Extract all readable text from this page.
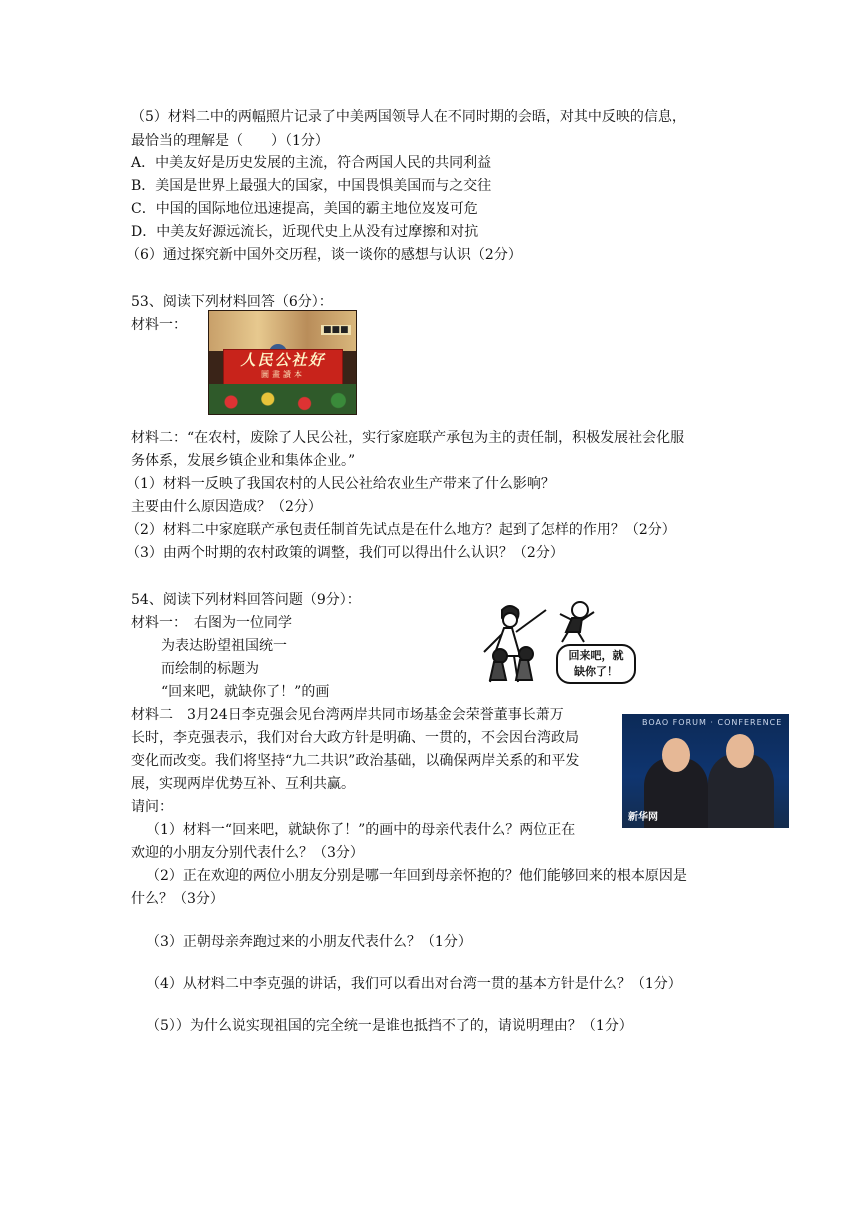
（5）材料二中的两幅照片记录了中美两国领导人在不同时期的会晤，对其中反映的信息，
最恰当的理解是（　　）（1分）
A．中美友好是历史发展的主流，符合两国人民的共同利益
B．美国是世界上最强大的国家，中国畏惧美国而与之交往
C．中国的国际地位迅速提高，美国的霸主地位岌岌可危
D．中美友好源远流长，近现代史上从没有过摩擦和对抗
（6）通过探究新中国外交历程，谈一谈你的感想与认识（2分）
53、阅读下列材料回答（6分）：
材料一：	■■■
人民公社好
圖畫讀本
材料二：“在农村，废除了人民公社，实行家庭联产承包为主的责任制，积极发展社会化服
务体系，发展乡镇企业和集体企业。”
（1）材料一反映了我国农村的人民公社给农业生产带来了什么影响？
主要由什么原因造成？（2分）
（2）材料二中家庭联产承包责任制首先试点是在什么地方？起到了怎样的作用？（2分）
（3）由两个时期的农村政策的调整，我们可以得出什么认识？（2分）
54、阅读下列材料回答问题（9分）：
材料一：　右图为一位同学
为表达盼望祖国统一
而绘制的标题为
“回来吧，就缺你了！”的画
回来吧，就
缺你了！
材料二　3月24日李克强会见台湾两岸共同市场基金会荣誉董事长萧万
长时，李克强表示，我们对台大政方针是明确、一贯的，不会因台湾政局
变化而改变。我们将坚持“九二共识”政治基础，以确保两岸关系的和平发
展，实现两岸优势互补、互利共赢。
BOAO FORUM · CONFERENCE
新华网
请问：
（1）材料一“回来吧，就缺你了！”的画中的母亲代表什么？两位正在
欢迎的小朋友分别代表什么？（3分）
（2）正在欢迎的两位小朋友分别是哪一年回到母亲怀抱的？他们能够回来的根本原因是
什么？（3分）
（3）正朝母亲奔跑过来的小朋友代表什么？（1分）
（4）从材料二中李克强的讲话，我们可以看出对台湾一贯的基本方针是什么？（1分）
（5））为什么说实现祖国的完全统一是谁也抵挡不了的，请说明理由？（1分）
